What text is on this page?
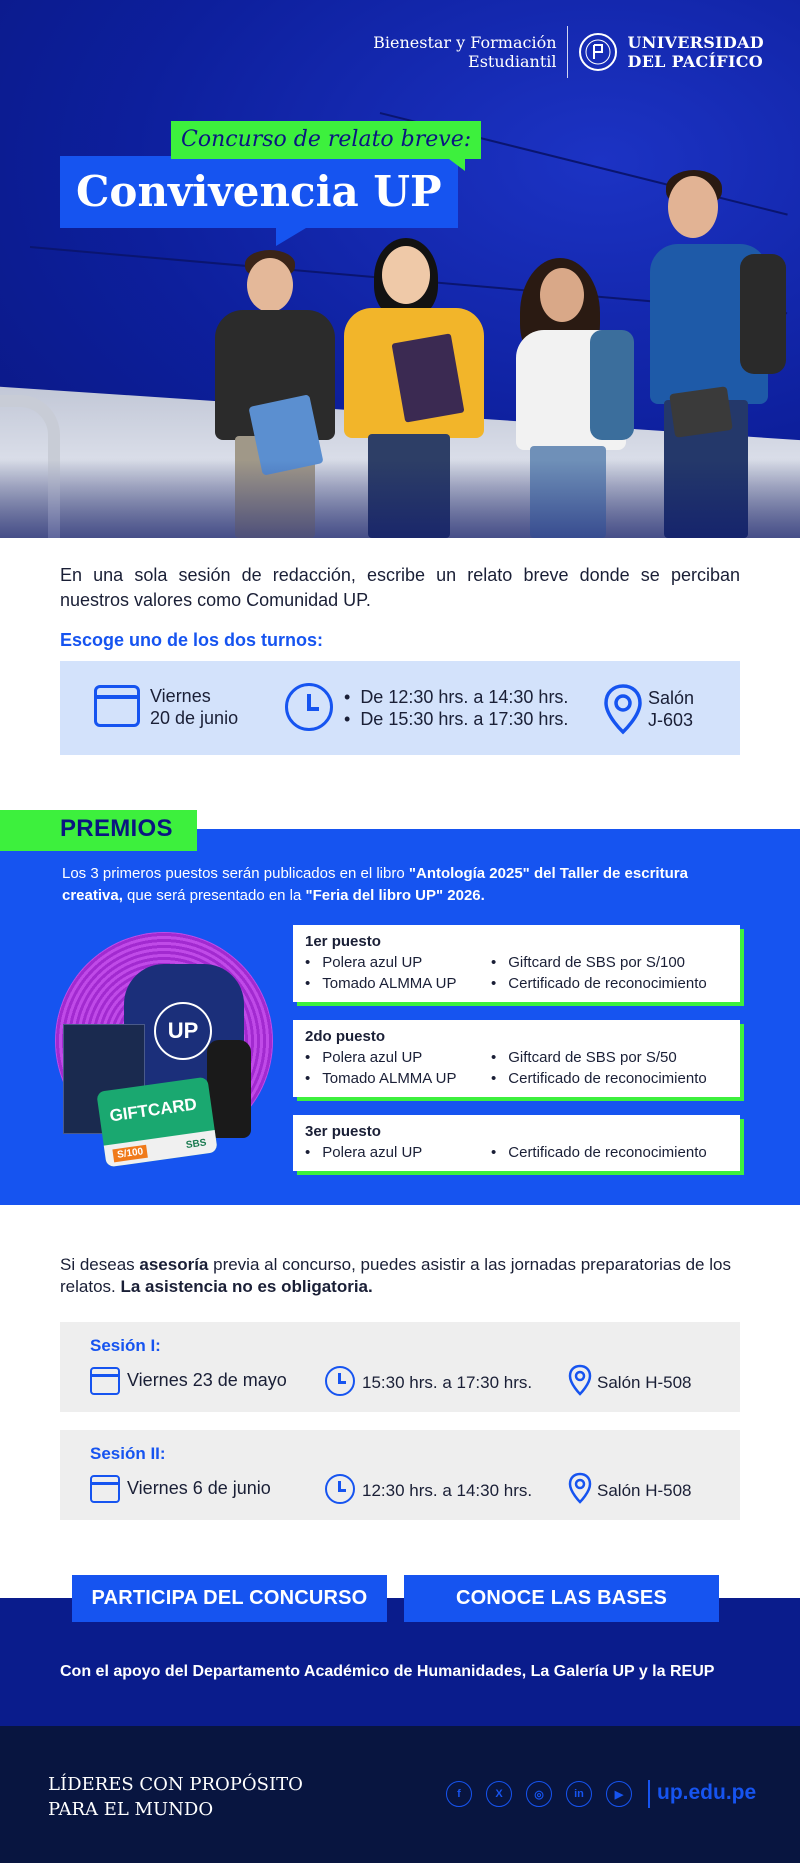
Bienestar y Formación
Estudiantil
UNIVERSIDAD
DEL PACÍFICO
Convivencia UP
Concurso de relato breve:

En una sola sesión de redacción, escribe un relato breve donde se perciban nuestros valores como Comunidad UP.

Escoge uno de los dos turnos:
Viernes
20 de junio
• De 12:30 hrs. a 14:30 hrs.
• De 15:30 hrs. a 17:30 hrs.
Salón
J-603
PREMIOS

Los 3 primeros puestos serán publicados en el libro "Antología 2025" del Taller de escritura creativa, que será presentado en la "Feria del libro UP" 2026.

UP
GIFTCARD
S/100
SBS
1er puesto
• Polera azul UP	• Giftcard de SBS por S/100
• Tomado ALMMA UP	• Certificado de reconocimiento
2do puesto
• Polera azul UP	• Giftcard de SBS por S/50
• Tomado ALMMA UP	• Certificado de reconocimiento
3er puesto
• Polera azul UP	• Certificado de reconocimiento

Si deseas asesoría previa al concurso, puedes asistir a las jornadas preparatorias de los relatos. La asistencia no es obligatoria.

Sesión I:
Viernes 23 de mayo	15:30 hrs. a 17:30 hrs.	Salón H-508
Sesión II:
Viernes 6 de junio	12:30 hrs. a 14:30 hrs.	Salón H-508
PARTICIPA DEL CONCURSO	CONOCE LAS BASES
Con el apoyo del Departamento Académico de Humanidades, La Galería UP y la REUP
LÍDERES CON PROPÓSITO
PARA EL MUNDO
f	X	◎	in	▶	up.edu.pe
